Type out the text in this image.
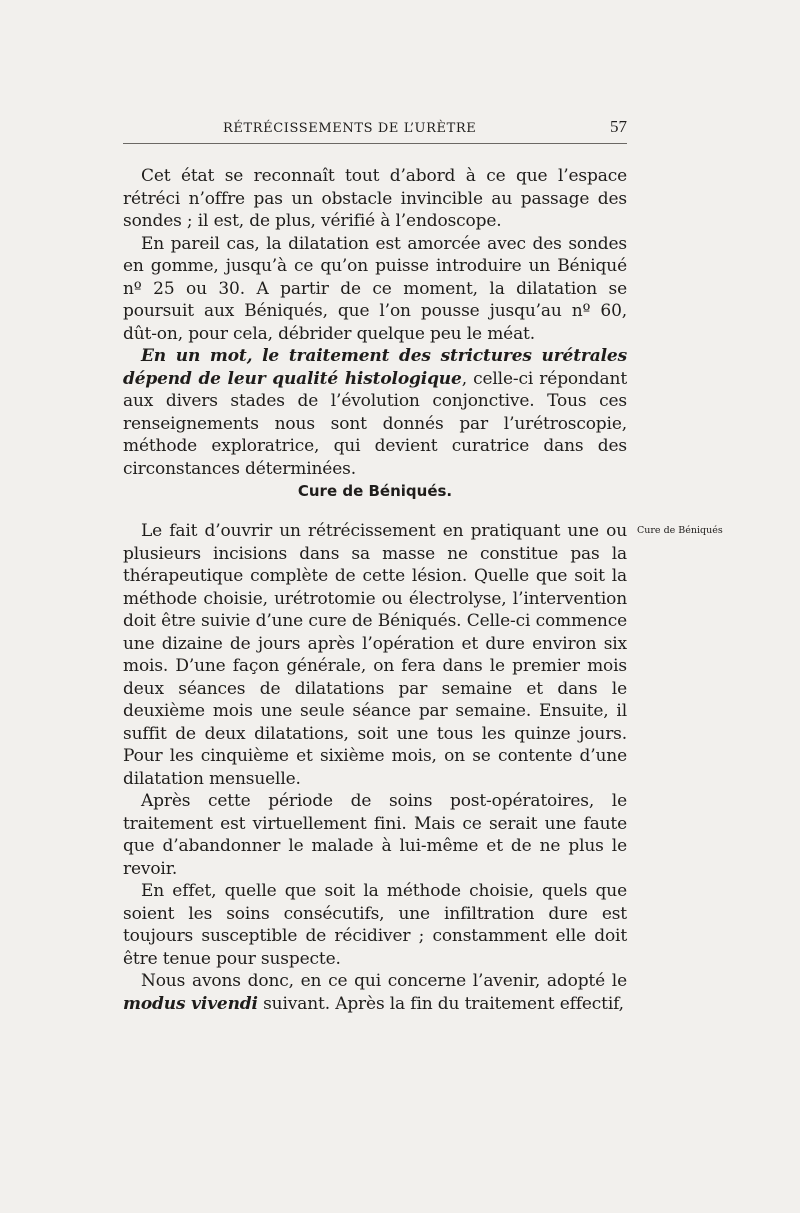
RÉTRÉCISSEMENTS DE L’URÈTRE	57

Cet état se reconnaît tout d’abord à ce que l’espace rétréci n’offre pas un obstacle invincible au passage des sondes ; il est, de plus, vérifié à l’endoscope.

En pareil cas, la dilatation est amorcée avec des sondes en gomme, jusqu’à ce qu’on puisse introduire un Béniqué nº 25 ou 30. A partir de ce moment, la dilatation se poursuit aux Béniqués, que l’on pousse jusqu’au nº 60, dût-on, pour cela, débrider quelque peu le méat.

En un mot, le traitement des strictures urétrales dépend de leur qualité histologique, celle-ci répondant aux divers stades de l’évolution conjonctive. Tous ces renseignements nous sont donnés par l’urétroscopie, méthode exploratrice, qui devient curatrice dans des circonstances déterminées.

Cure de Béniqués.
Cure de Béniqués

Le fait d’ouvrir un rétrécissement en pratiquant une ou plusieurs incisions dans sa masse ne constitue pas la thérapeutique complète de cette lésion. Quelle que soit la méthode choisie, urétrotomie ou électrolyse, l’intervention doit être suivie d’une cure de Béniqués. Celle-ci commence une dizaine de jours après l’opération et dure environ six mois. D’une façon générale, on fera dans le premier mois deux séances de dilatations par semaine et dans le deuxième mois une seule séance par semaine. Ensuite, il suffit de deux dilatations, soit une tous les quinze jours. Pour les cinquième et sixième mois, on se contente d’une dilatation mensuelle.

Après cette période de soins post-opératoires, le traitement est virtuellement fini. Mais ce serait une faute que d’abandonner le malade à lui-même et de ne plus le revoir.

En effet, quelle que soit la méthode choisie, quels que soient les soins consécutifs, une infiltration dure est toujours susceptible de récidiver ; constamment elle doit être tenue pour suspecte.

Nous avons donc, en ce qui concerne l’avenir, adopté le modus vivendi suivant. Après la fin du traitement effectif,
